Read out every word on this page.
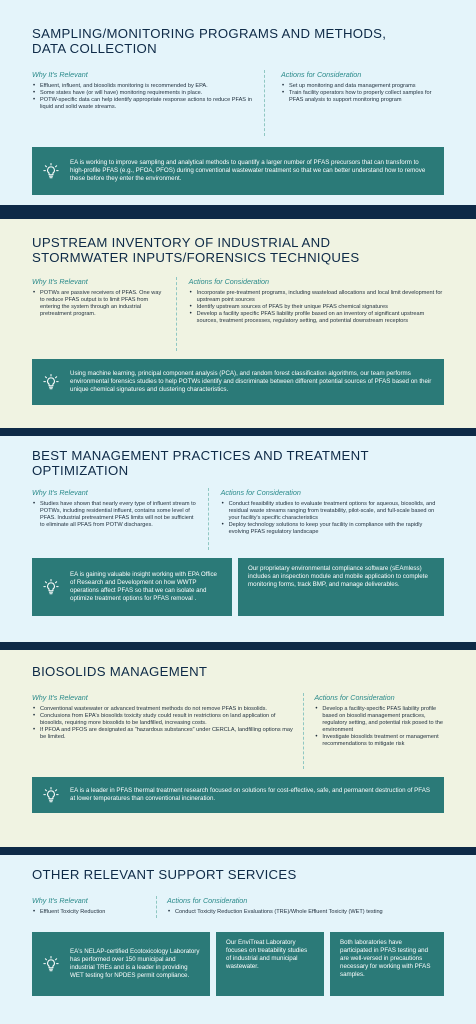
SAMPLING/MONITORING PROGRAMS AND METHODS,
DATA COLLECTION
Why It's Relevant
• Effluent, influent, and biosolids monitoring is recommended by EPA.
• Some states have (or will have) monitoring requirements in place.
• POTW-specific data can help identify appropriate response actions to reduce PFAS in liquid and solid waste streams.
Actions for Consideration
• Set up monitoring and data management programs
• Train facility operators how to properly collect samples for PFAS analysis to support monitoring program
EA is working to improve sampling and analytical methods to quantify a larger number of PFAS precursors that can transform to high-profile PFAS (e.g., PFOA, PFOS) during conventional wastewater treatment so that we can better understand how to remove these before they enter the environment.
UPSTREAM INVENTORY OF INDUSTRIAL AND
STORMWATER INPUTS/FORENSICS TECHNIQUES
Why It's Relevant
• POTWs are passive receivers of PFAS. One way to reduce PFAS output is to limit PFAS from entering the system through an industrial pretreatment program.
Actions for Consideration
• Incorporate pre-treatment programs, including wasteload allocations and local limit development for upstream point sources
• Identify upstream sources of PFAS by their unique PFAS chemical signatures
• Develop a facility specific PFAS liability profile based on an inventory of significant upstream sources, treatment processes, regulatory setting, and potential downstream receptors
Using machine learning, principal component analysis (PCA), and random forest classification algorithms, our team performs environmental forensics studies to help POTWs identify and discriminate between different potential sources of PFAS based on their unique chemical signatures and clustering characteristics.
BEST MANAGEMENT PRACTICES AND TREATMENT
OPTIMIZATION
Why It's Relevant
• Studies have shown that nearly every type of influent stream to POTWs, including residential influent, contains some level of PFAS. Industrial pretreatment PFAS limits will not be sufficient to eliminate all PFAS from POTW discharges.
Actions for Consideration
• Conduct feasibility studies to evaluate treatment options for aqueous, biosolids, and residual waste streams ranging from treatability, pilot-scale, and full-scale based on your facility's specific characteristics
• Deploy technology solutions to keep your facility in compliance with the rapidly evolving PFAS regulatory landscape
EA is gaining valuable insight working with EPA Office of Research and Development on how WWTP operations affect PFAS so that we can isolate and optimize treatment options for PFAS removal .
Our proprietary environmental compliance software (sEAmless) includes an inspection module and mobile application to complete monitoring forms, track BMP, and manage deliverables.
BIOSOLIDS MANAGEMENT
Why It's Relevant
• Conventional wastewater or advanced treatment methods do not remove PFAS in biosolids.
• Conclusions from EPA's biosolids toxicity study could result in restrictions on land application of biosolids, requiring more biosolids to be landfilled, increasing costs.
• If PFOA and PFOS are designated as “hazardous substances” under CERCLA, landfilling options may be limited.
Actions for Consideration
• Develop a facility-specific PFAS liability profile based on biosolid management practices, regulatory setting, and potential risk posed to the environment
• Investigate biosolids treatment or management recommendations to mitigate risk
EA is a leader in PFAS thermal treatment research focused on solutions for cost-effective, safe, and permanent destruction of PFAS at lower temperatures than conventional incineration.
OTHER RELEVANT SUPPORT SERVICES
Why It's Relevant
• Effluent Toxicity Reduction
Actions for Consideration
• Conduct Toxicity Reduction Evaluations (TRE)/Whole Effluent Toxicity (WET) testing
EA's NELAP-certified Ecotoxicology Laboratory has performed over 150 municipal and industrial TREs and is a leader in providing WET testing for NPDES permit compliance.
Our EnviTreat Laboratory focuses on treatability studies of industrial and municipal wastewater.
Both laboratories have participated in PFAS testing and are well-versed in precautions necessary for working with PFAS samples.
